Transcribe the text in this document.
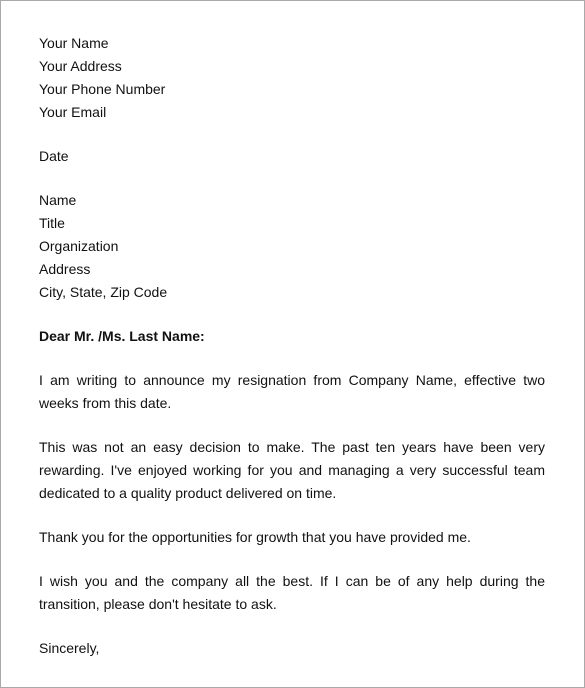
Your Name
Your Address
Your Phone Number
Your Email
Date
Name
Title
Organization
Address
City, State, Zip Code
Dear Mr. /Ms. Last Name:

I am writing to announce my resignation from Company Name, effective two weeks from this date.

This was not an easy decision to make. The past ten years have been very rewarding. I've enjoyed working for you and managing a very successful team dedicated to a quality product delivered on time.

Thank you for the opportunities for growth that you have provided me.

I wish you and the company all the best. If I can be of any help during the transition, please don't hesitate to ask.

Sincerely,
